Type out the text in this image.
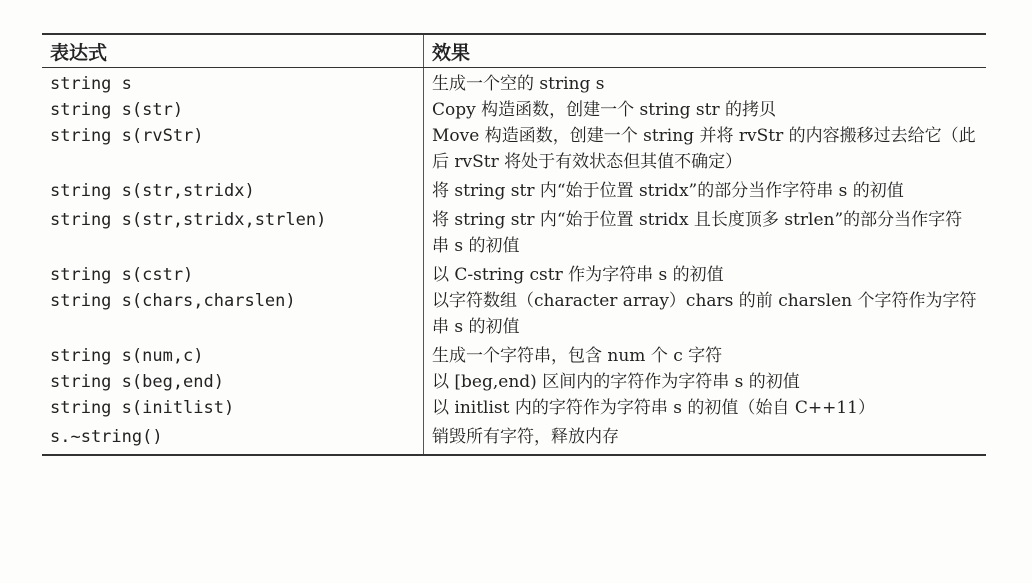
表达式	效果
string s	生成一个空的 string s
string s(str)	Copy 构造函数，创建一个 string str 的拷贝
string s(rvStr)	Move 构造函数，创建一个 string 并将 rvStr 的内容搬移过去给它（此后 rvStr 将处于有效状态但其值不确定）
string s(str,stridx)	将 string str 内“始于位置 stridx”的部分当作字符串 s 的初值
string s(str,stridx,strlen)	将 string str 内“始于位置 stridx 且长度顶多 strlen”的部分当作字符串 s 的初值
string s(cstr)	以 C-string cstr 作为字符串 s 的初值
string s(chars,charslen)	以字符数组（character array）chars 的前 charslen 个字符作为字符串 s 的初值
string s(num,c)	生成一个字符串，包含 num 个 c 字符
string s(beg,end)	以 [beg,end) 区间内的字符作为字符串 s 的初值
string s(initlist)	以 initlist 内的字符作为字符串 s 的初值（始自 C++11）
s.~string()	销毁所有字符，释放内存
